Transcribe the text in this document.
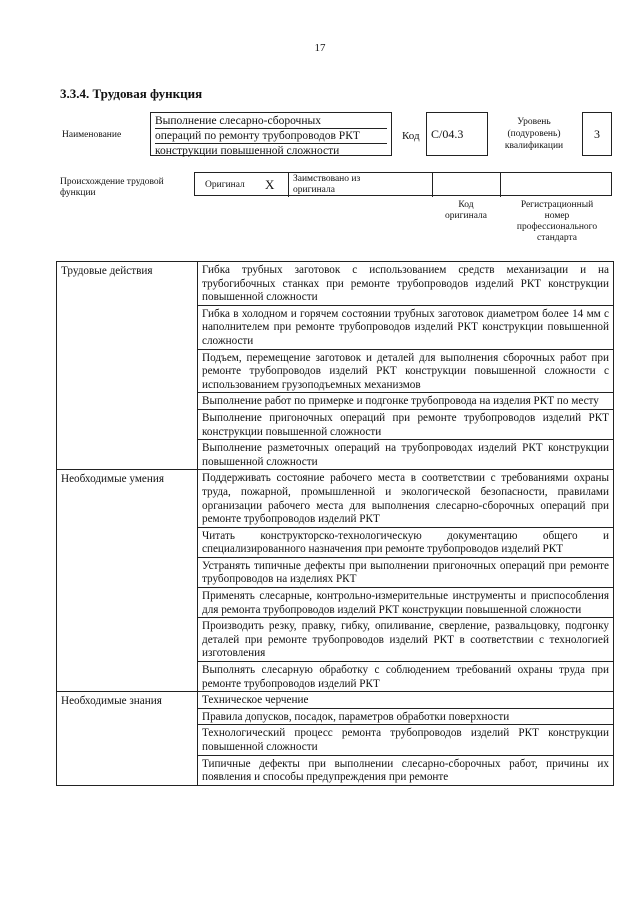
17
3.3.4. Трудовая функция
Наименование
Выполнение слесарно-сборочных
операций по ремонту трубопроводов РКТ
конструкции повышенной сложности
Код С/04.3
Уровень
(подуровень)
квалификации
3
Происхождение трудовой
функции
Оригинал X Заимствовано из
оригинала
Код
оригинала
Регистрационный
номер
профессионального
стандарта
Трудовые действия	Гибка трубных заготовок с использованием средств механизации и на трубогибочных станках при ремонте трубопроводов изделий РКТ конструкции повышенной сложности
	Гибка в холодном и горячем состоянии трубных заготовок диаметром более 14 мм с наполнителем при ремонте трубопроводов изделий РКТ конструкции повышенной сложности
	Подъем, перемещение заготовок и деталей для выполнения сборочных работ при ремонте трубопроводов изделий РКТ конструкции повышенной сложности с использованием грузоподъемных механизмов
	Выполнение работ по примерке и подгонке трубопровода на изделия РКТ по месту
	Выполнение пригоночных операций при ремонте трубопроводов изделий РКТ конструкции повышенной сложности
	Выполнение разметочных операций на трубопроводах изделий РКТ конструкции повышенной сложности
Необходимые умения	Поддерживать состояние рабочего места в соответствии с требованиями охраны труда, пожарной, промышленной и экологической безопасности, правилами организации рабочего места для выполнения слесарно-сборочных операций при ремонте трубопроводов изделий РКТ
	Читать конструкторско-технологическую документацию общего и специализированного назначения при ремонте трубопроводов изделий РКТ
	Устранять типичные дефекты при выполнении пригоночных операций при ремонте трубопроводов на изделиях РКТ
	Применять слесарные, контрольно-измерительные инструменты и приспособления для ремонта трубопроводов изделий РКТ конструкции повышенной сложности
	Производить резку, правку, гибку, опиливание, сверление, развальцовку, подгонку деталей при ремонте трубопроводов изделий РКТ в соответствии с технологией изготовления
	Выполнять слесарную обработку с соблюдением требований охраны труда при ремонте трубопроводов изделий РКТ
Необходимые знания	Техническое черчение
	Правила допусков, посадок, параметров обработки поверхности
	Технологический процесс ремонта трубопроводов изделий РКТ конструкции повышенной сложности
	Типичные дефекты при выполнении слесарно-сборочных работ, причины их появления и способы предупреждения при ремонте
